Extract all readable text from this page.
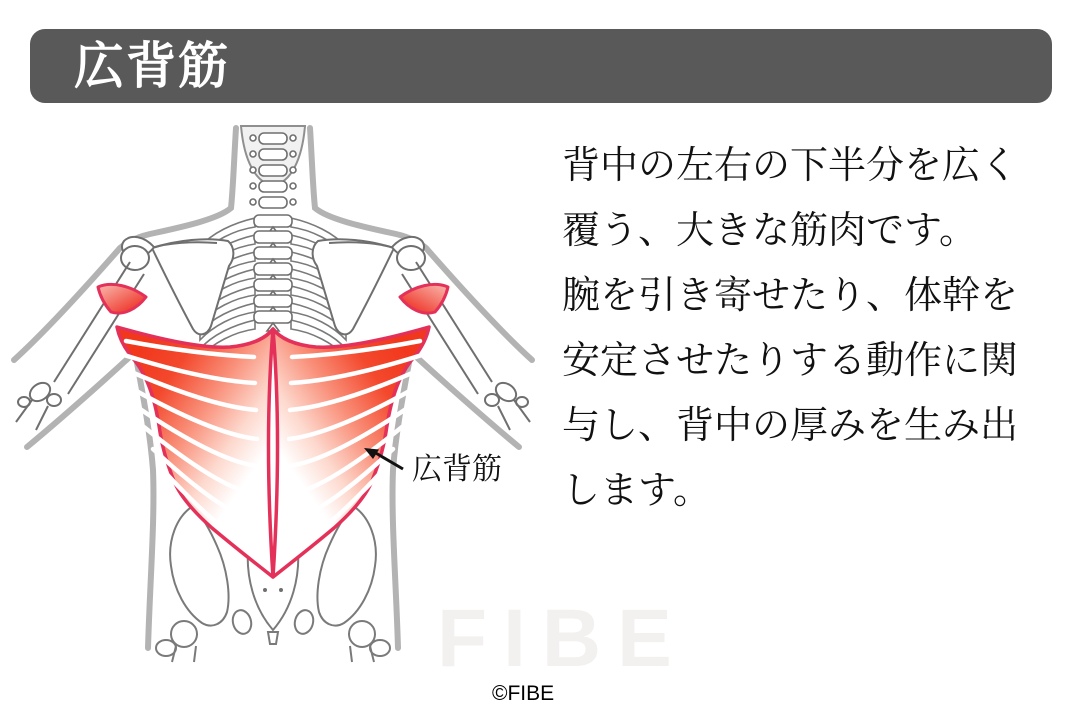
広背筋
広背筋
背中の左右の下半分を広く
覆う、大きな筋肉です。
腕を引き寄せたり、体幹を
安定させたりする動作に関
与し、背中の厚みを生み出
します。
FIBE
©FIBE
